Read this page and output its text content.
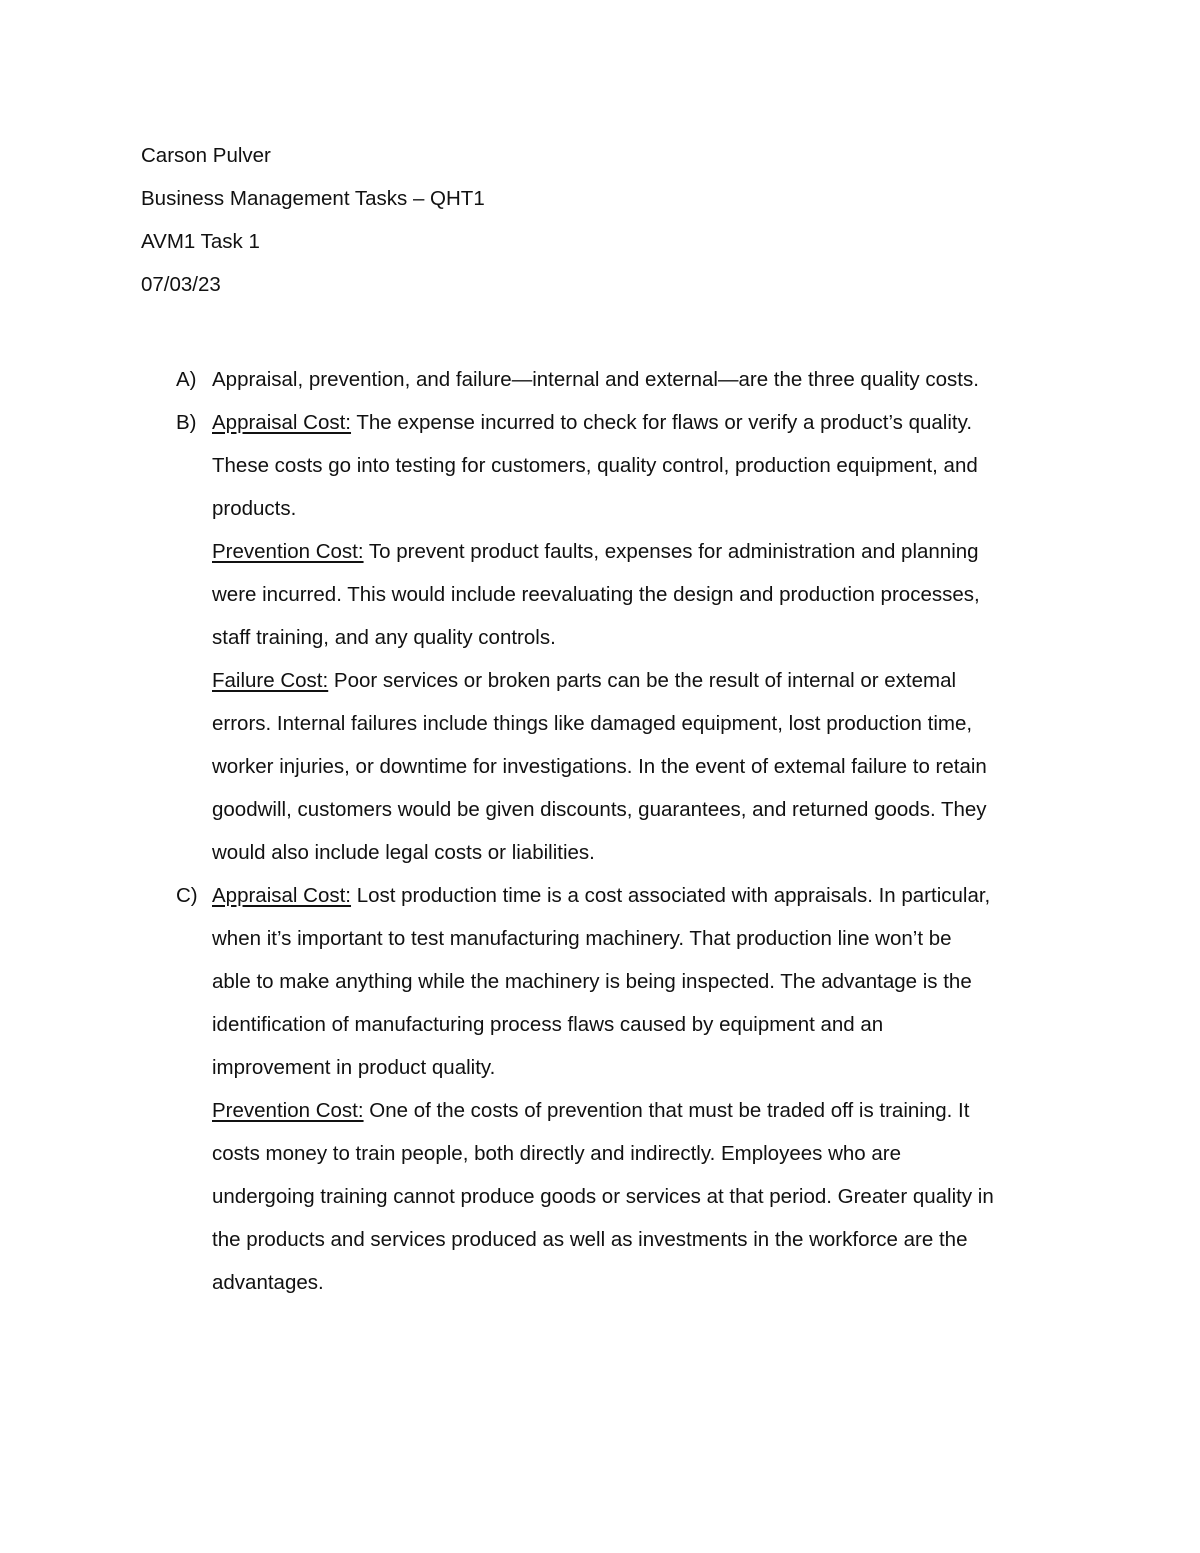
Carson Pulver
Business Management Tasks – QHT1
AVM1 Task 1
07/03/23
A) Appraisal, prevention, and failure—internal and external—are the three quality costs.
B) Appraisal Cost: The expense incurred to check for flaws or verify a product’s quality.
These costs go into testing for customers, quality control, production equipment, and
products.
Prevention Cost: To prevent product faults, expenses for administration and planning
were incurred. This would include reevaluating the design and production processes,
staff training, and any quality controls.
Failure Cost: Poor services or broken parts can be the result of internal or extemal
errors. Internal failures include things like damaged equipment, lost production time,
worker injuries, or downtime for investigations. In the event of extemal failure to retain
goodwill, customers would be given discounts, guarantees, and returned goods. They
would also include legal costs or liabilities.
C) Appraisal Cost: Lost production time is a cost associated with appraisals. In particular,
when it’s important to test manufacturing machinery. That production line won’t be
able to make anything while the machinery is being inspected. The advantage is the
identification of manufacturing process flaws caused by equipment and an
improvement in product quality.
Prevention Cost: One of the costs of prevention that must be traded off is training. It
costs money to train people, both directly and indirectly. Employees who are
undergoing training cannot produce goods or services at that period. Greater quality in
the products and services produced as well as investments in the workforce are the
advantages.
